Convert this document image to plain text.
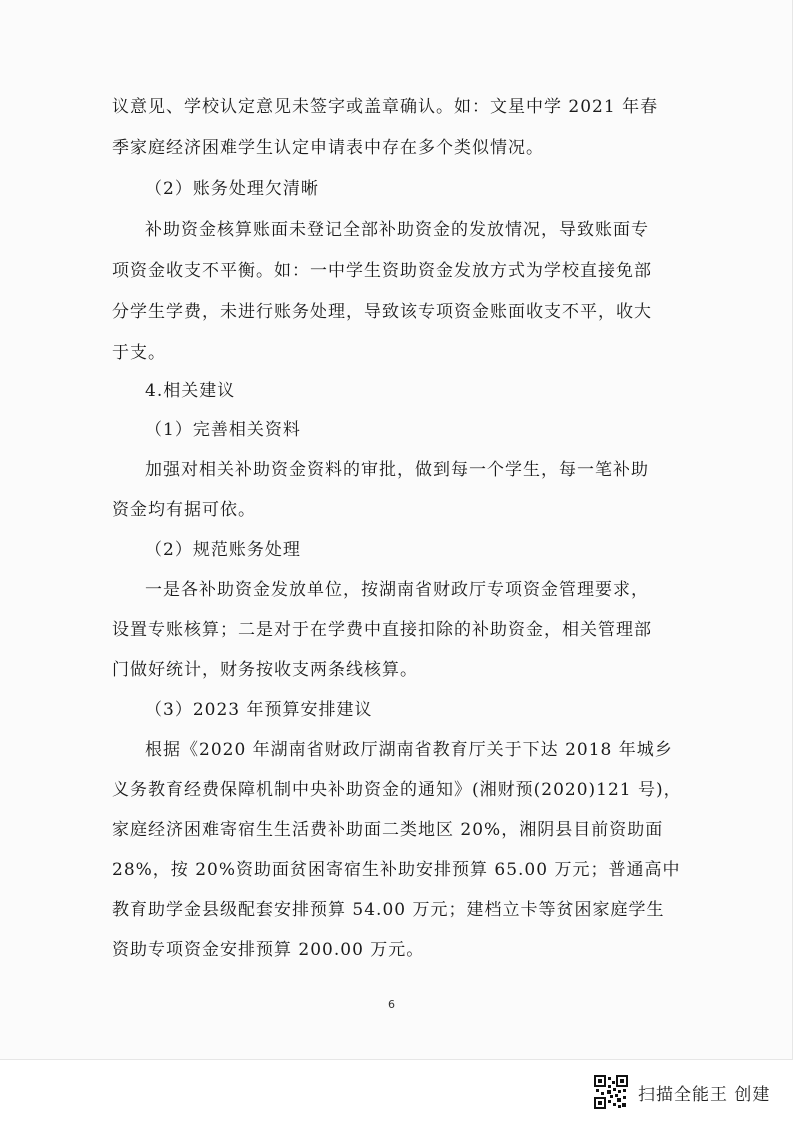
议意见、学校认定意见未签字或盖章确认。如：文星中学 2021 年春
季家庭经济困难学生认定申请表中存在多个类似情况。
（2）账务处理欠清晰
补助资金核算账面未登记全部补助资金的发放情况，导致账面专
项资金收支不平衡。如：一中学生资助资金发放方式为学校直接免部
分学生学费，未进行账务处理，导致该专项资金账面收支不平，收大
于支。
4.相关建议
（1）完善相关资料
加强对相关补助资金资料的审批，做到每一个学生，每一笔补助
资金均有据可依。
（2）规范账务处理
一是各补助资金发放单位，按湖南省财政厅专项资金管理要求，
设置专账核算；二是对于在学费中直接扣除的补助资金，相关管理部
门做好统计，财务按收支两条线核算。
（3）2023 年预算安排建议
根据《2020 年湖南省财政厅湖南省教育厅关于下达 2018 年城乡
义务教育经费保障机制中央补助资金的通知》(湘财预(2020)121 号)，
家庭经济困难寄宿生生活费补助面二类地区 20%，湘阴县目前资助面
28%，按 20%资助面贫困寄宿生补助安排预算 65.00 万元；普通高中
教育助学金县级配套安排预算 54.00 万元；建档立卡等贫困家庭学生
资助专项资金安排预算 200.00 万元。
6
扫描全能王 创建
